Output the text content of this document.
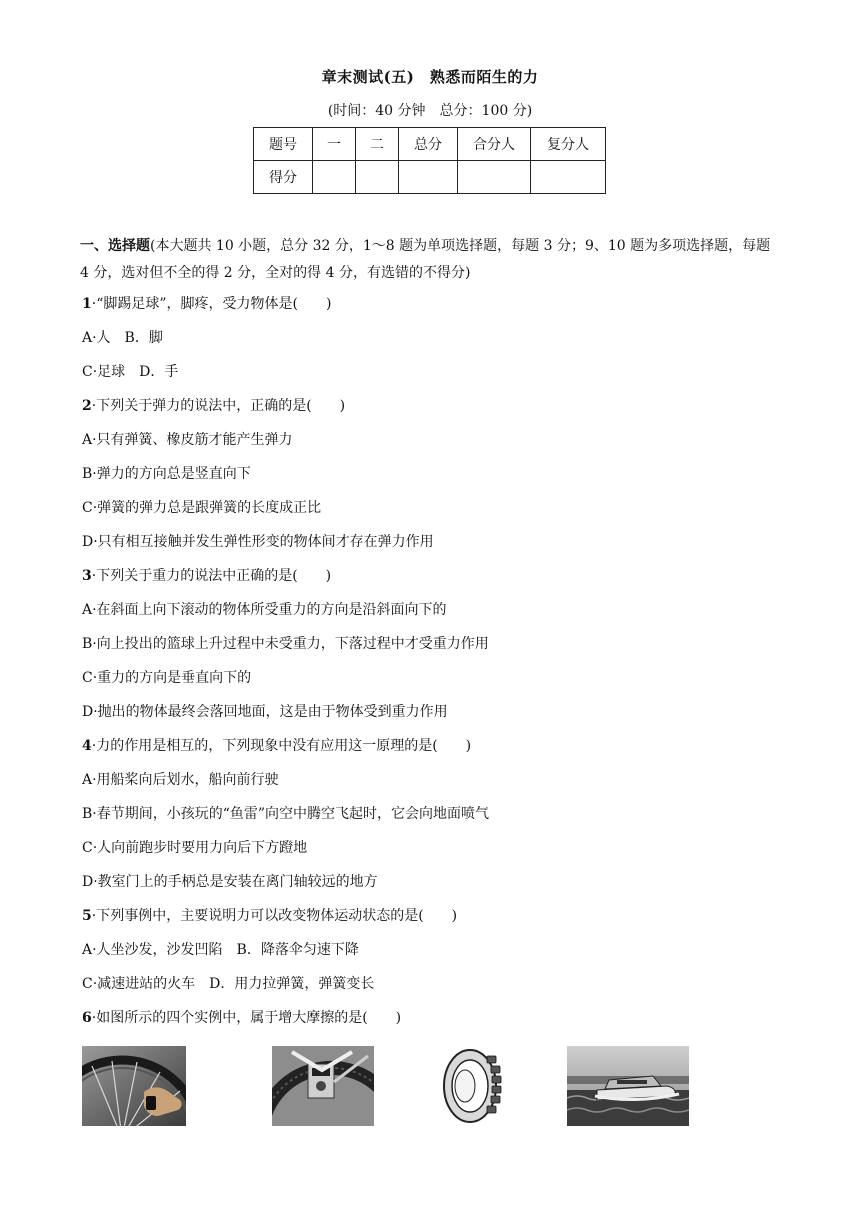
章末测试(五)　熟悉而陌生的力
(时间：40 分钟　总分：100 分)
题号	一	二	总分	合分人	复分人
得分					
一、选择题(本大题共 10 小题，总分 32 分，1～8 题为单项选择题，每题 3 分；9、10 题为多项选择题，每题 4 分，选对但不全的得 2 分，全对的得 4 分，有选错的不得分)
1·“脚踢足球”，脚疼，受力物体是(　　)
A·人　B．脚
C·足球　D．手
2·下列关于弹力的说法中，正确的是(　　)
A·只有弹簧、橡皮筋才能产生弹力
B·弹力的方向总是竖直向下
C·弹簧的弹力总是跟弹簧的长度成正比
D·只有相互接触并发生弹性形变的物体间才存在弹力作用
3·下列关于重力的说法中正确的是(　　)
A·在斜面上向下滚动的物体所受重力的方向是沿斜面向下的
B·向上投出的篮球上升过程中未受重力，下落过程中才受重力作用
C·重力的方向是垂直向下的
D·抛出的物体最终会落回地面，这是由于物体受到重力作用
4·力的作用是相互的，下列现象中没有应用这一原理的是(　　)
A·用船桨向后划水，船向前行驶
B·春节期间，小孩玩的“鱼雷”向空中腾空飞起时，它会向地面喷气
C·人向前跑步时要用力向后下方蹬地
D·教室门上的手柄总是安装在离门轴较远的地方
5·下列事例中，主要说明力可以改变物体运动状态的是(　　)
A·人坐沙发，沙发凹陷　B．降落伞匀速下降
C·减速进站的火车　D．用力拉弹簧，弹簧变长
6·如图所示的四个实例中，属于增大摩擦的是(　　)
